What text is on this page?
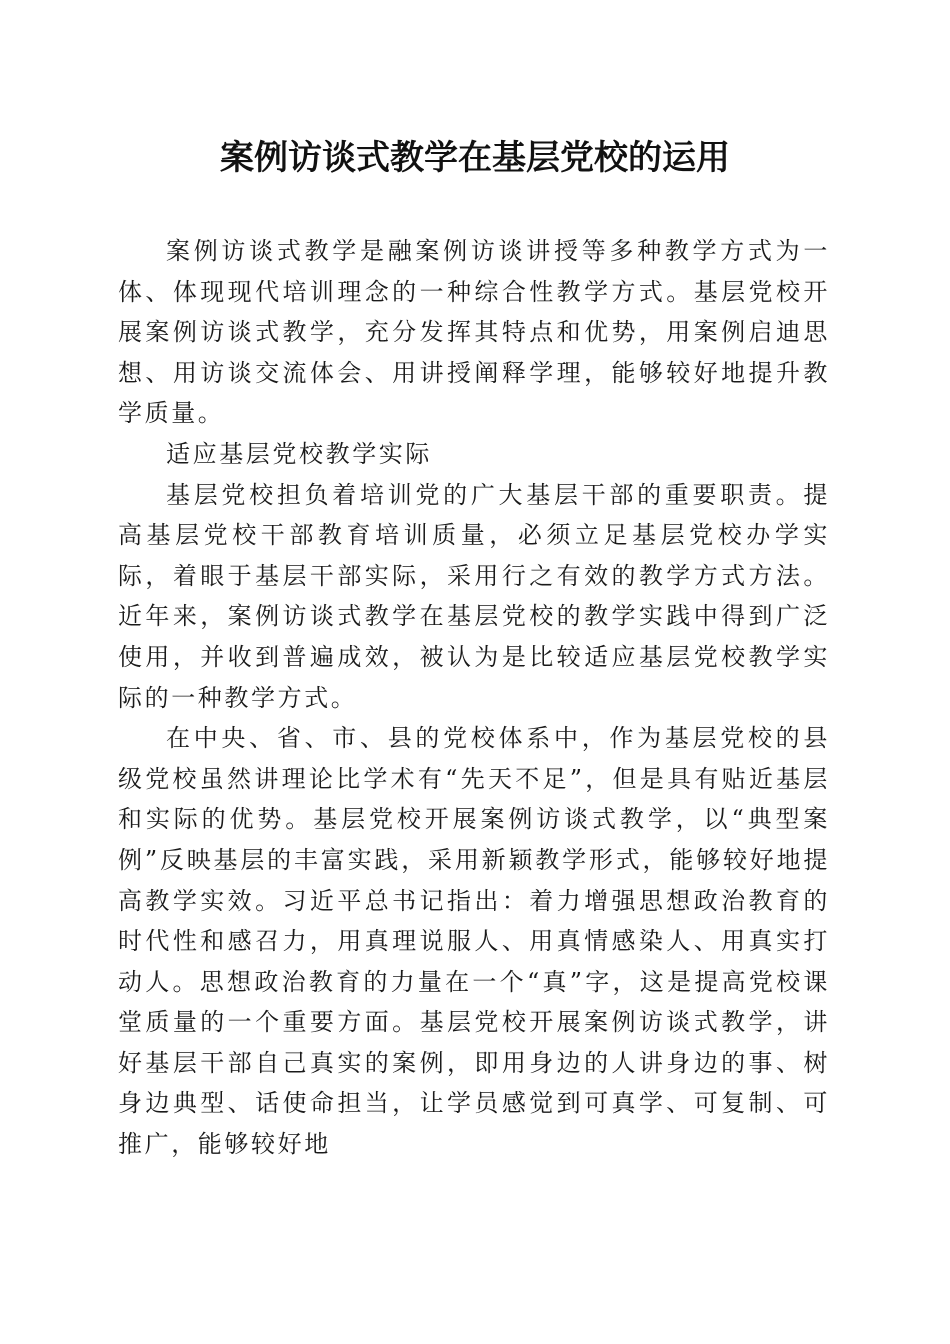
案例访谈式教学在基层党校的运用

案例访谈式教学是融案例访谈讲授等多种教学方式为一体、体现现代培训理念的一种综合性教学方式。基层党校开展案例访谈式教学，充分发挥其特点和优势，用案例启迪思想、用访谈交流体会、用讲授阐释学理，能够较好地提升教学质量。

适应基层党校教学实际

基层党校担负着培训党的广大基层干部的重要职责。提高基层党校干部教育培训质量，必须立足基层党校办学实际，着眼于基层干部实际，采用行之有效的教学方式方法。近年来，案例访谈式教学在基层党校的教学实践中得到广泛使用，并收到普遍成效，被认为是比较适应基层党校教学实际的一种教学方式。

在中央、省、市、县的党校体系中，作为基层党校的县级党校虽然讲理论比学术有“先天不足”，但是具有贴近基层和实际的优势。基层党校开展案例访谈式教学，以“典型案例”反映基层的丰富实践，采用新颖教学形式，能够较好地提高教学实效。习近平总书记指出：着力增强思想政治教育的时代性和感召力，用真理说服人、用真情感染人、用真实打动人。思想政治教育的力量在一个“真”字，这是提高党校课堂质量的一个重要方面。基层党校开展案例访谈式教学，讲好基层干部自己真实的案例，即用身边的人讲身边的事、树身边典型、话使命担当，让学员感觉到可真学、可复制、可推广，能够较好地
